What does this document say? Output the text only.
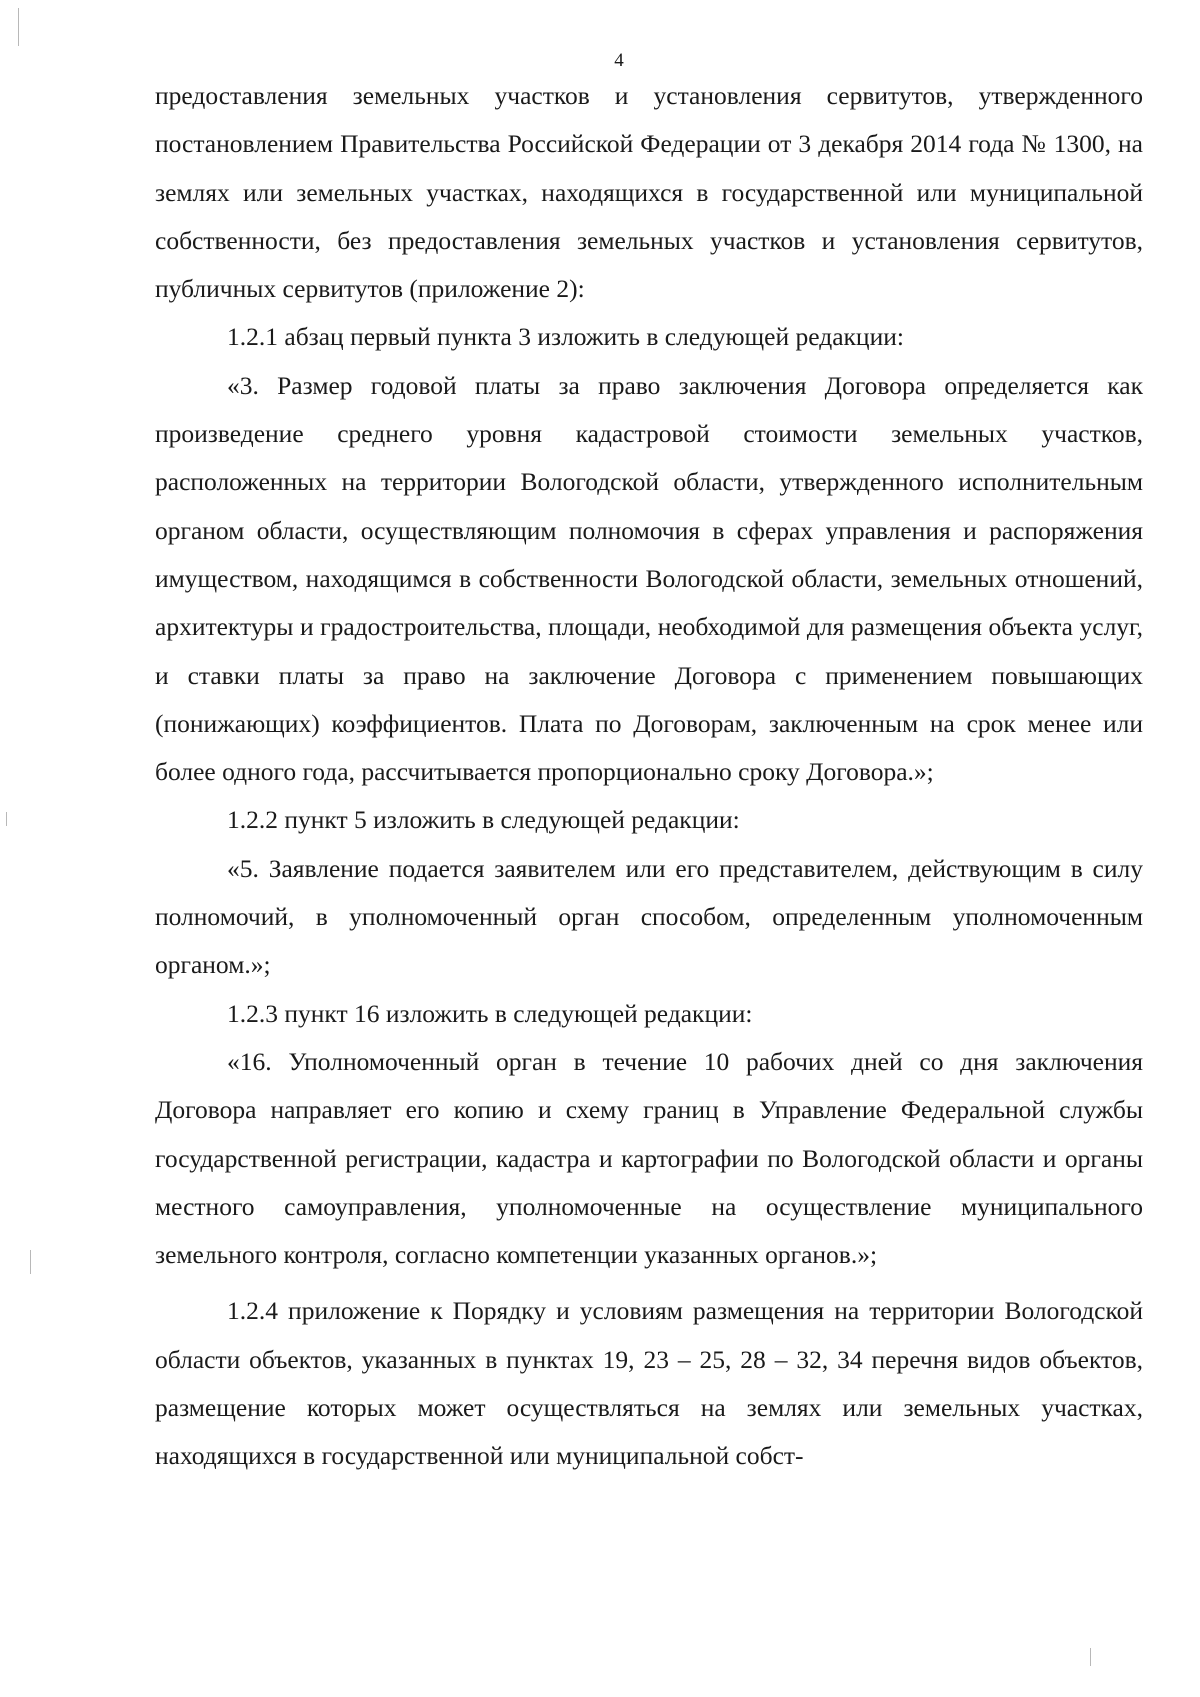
4

предоставления земельных участков и установления сервитутов, утвержденного постановлением Правительства Российской Федерации от 3 декабря 2014 года № 1300, на землях или земельных участках, находящихся в государственной или муниципальной собственности, без предоставления земельных участков и установления сервитутов, публичных сервитутов (приложение 2):

1.2.1 абзац первый пункта 3 изложить в следующей редакции:

«3. Размер годовой платы за право заключения Договора определяется как произведение среднего уровня кадастровой стоимости земельных участков, расположенных на территории Вологодской области, утвержденного исполнительным органом области, осуществляющим полномочия в сферах управления и распоряжения имуществом, находящимся в собственности Вологодской области, земельных отношений, архитектуры и градостроительства, площади, необходимой для размещения объекта услуг, и ставки платы за право на заключение Договора с применением повышающих (понижающих) коэффициентов. Плата по Договорам, заключенным на срок менее или более одного года, рассчитывается пропорционально сроку Договора.»;

1.2.2 пункт 5 изложить в следующей редакции:

«5. Заявление подается заявителем или его представителем, действующим в силу полномочий, в уполномоченный орган способом, определенным уполномоченным органом.»;

1.2.3 пункт 16 изложить в следующей редакции:

«16. Уполномоченный орган в течение 10 рабочих дней со дня заключения Договора направляет его копию и схему границ в Управление Федеральной службы государственной регистрации, кадастра и картографии по Вологодской области и органы местного самоуправления, уполномоченные на осуществление муниципального земельного контроля, согласно компетенции указанных органов.»;

1.2.4 приложение к Порядку и условиям размещения на территории Вологодской области объектов, указанных в пунктах 19, 23 – 25, 28 – 32, 34 перечня видов объектов, размещение которых может осуществляться на землях или земельных участках, находящихся в государственной или муниципальной собст-
